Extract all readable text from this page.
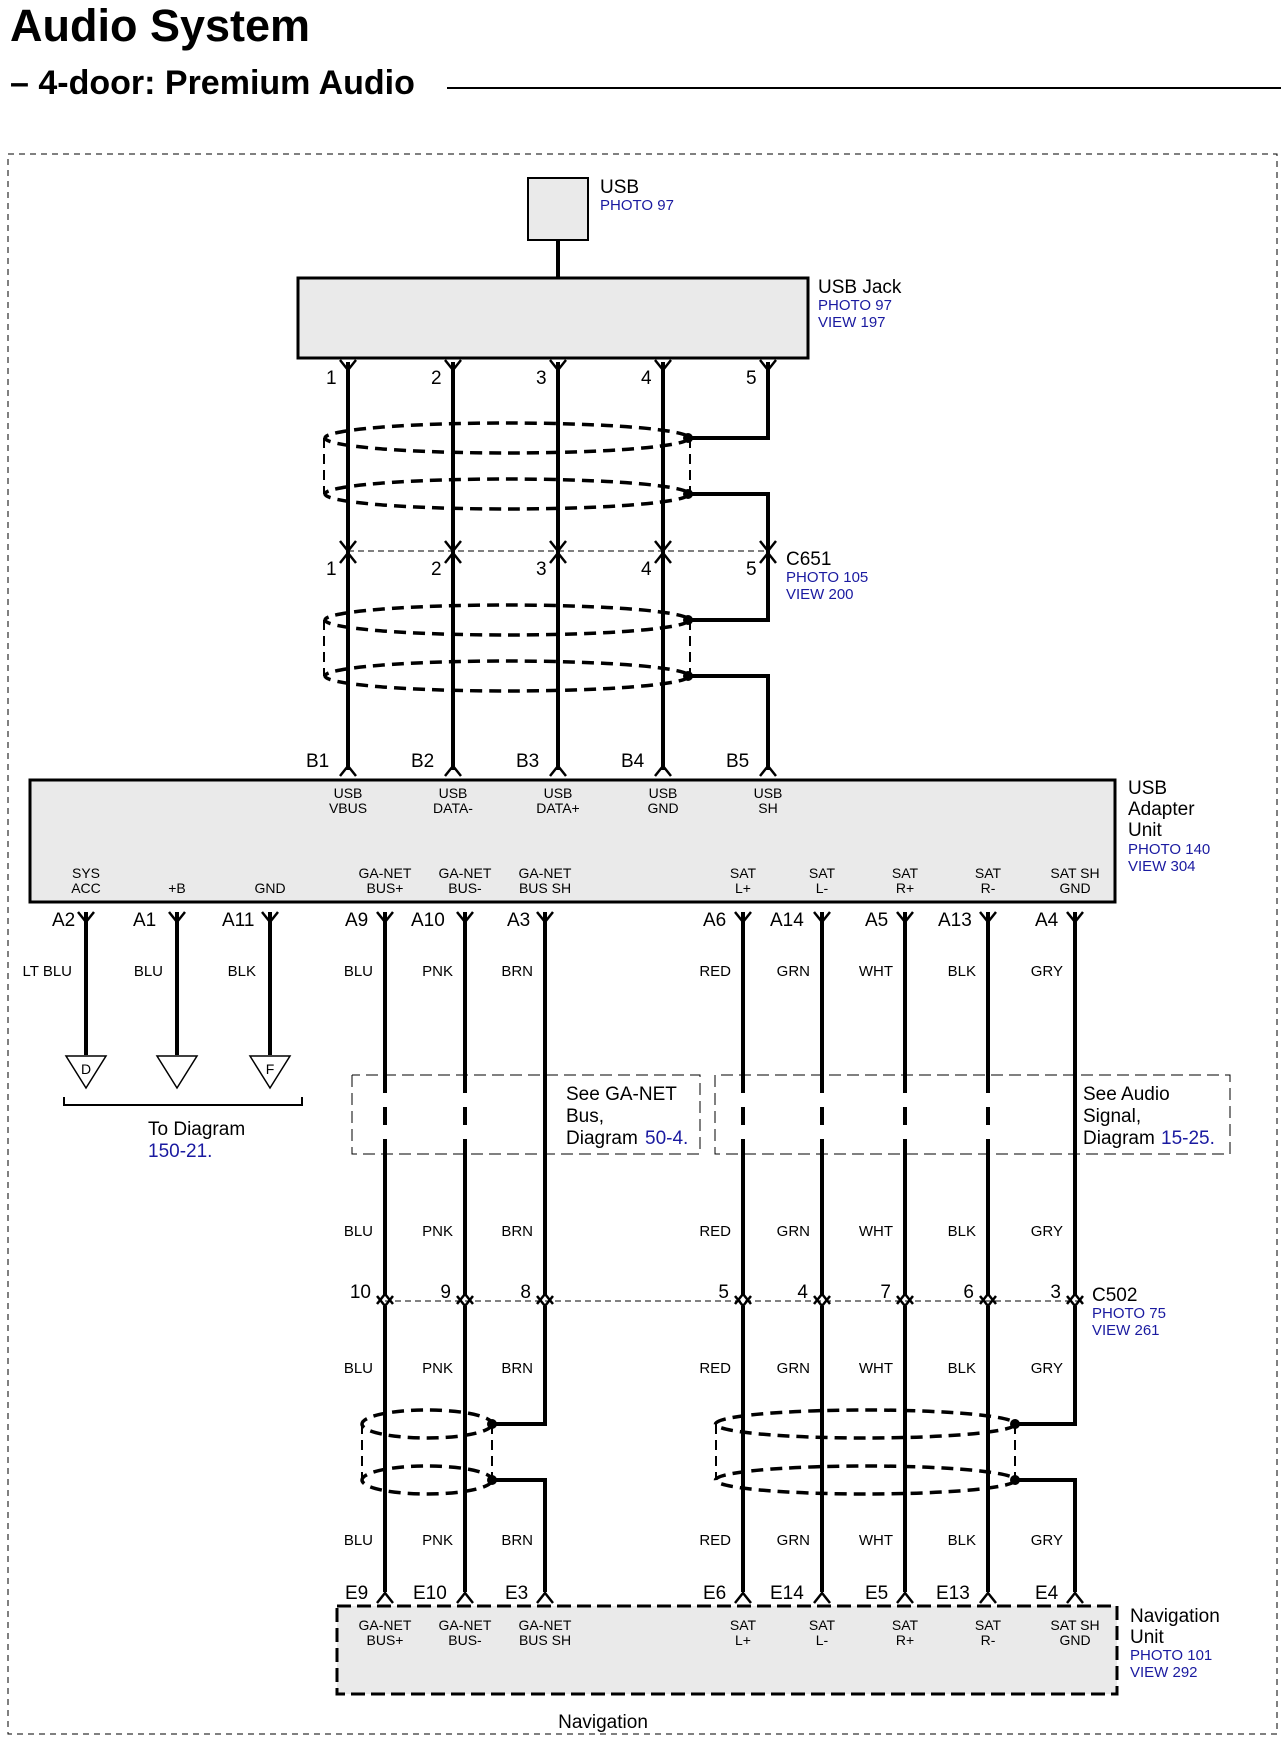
Audio System
– 4-door: Premium Audio
USB
PHOTO 97
USB Jack
PHOTO 97
VIEW 197
1	2	3	4	5
1	2	3	4	5 C651
PHOTO 105
VIEW 200
B1
USB
VBUS
B2
USB
DATA-
B3
USB
DATA+
B4
USB
GND
B5
USB
SH
USB
Adapter
Unit
PHOTO 140
VIEW 304
SYS
ACC
A2
LT BLU
+B
A1
BLU
GND
A11
BLK
GA-NET
BUS+
A9
BLU
GA-NET
BUS-
A10
PNK
GA-NET
BUS SH
A3
BRN
SAT
L+
A6
RED
SAT
L-
A14
GRN
SAT
R+
A5
WHT
SAT
R-
A13
BLK
SAT SH
GND
A4
GRY
D	F
To Diagram
150-21.
See GA-NET
Bus,
Diagram 50-4.
See Audio
Signal,
Diagram 15-25.
BLU
10
BLU
BLU
PNK
9
PNK
PNK
BRN
8
BRN
BRN
RED
5
RED
RED
GRN
4
GRN
GRN
WHT
7
WHT
WHT
BLK
6
BLK
BLK
GRY
3
GRY
GRY
C502
PHOTO 75
VIEW 261
E9
GA-NET
BUS+
E10
GA-NET
BUS-
E3
GA-NET
BUS SH
E6
SAT
L+
E14
SAT
L-
E5
SAT
R+
E13
SAT
R-
E4
SAT SH
GND
Navigation
Unit
PHOTO 101
VIEW 292
Navigation
